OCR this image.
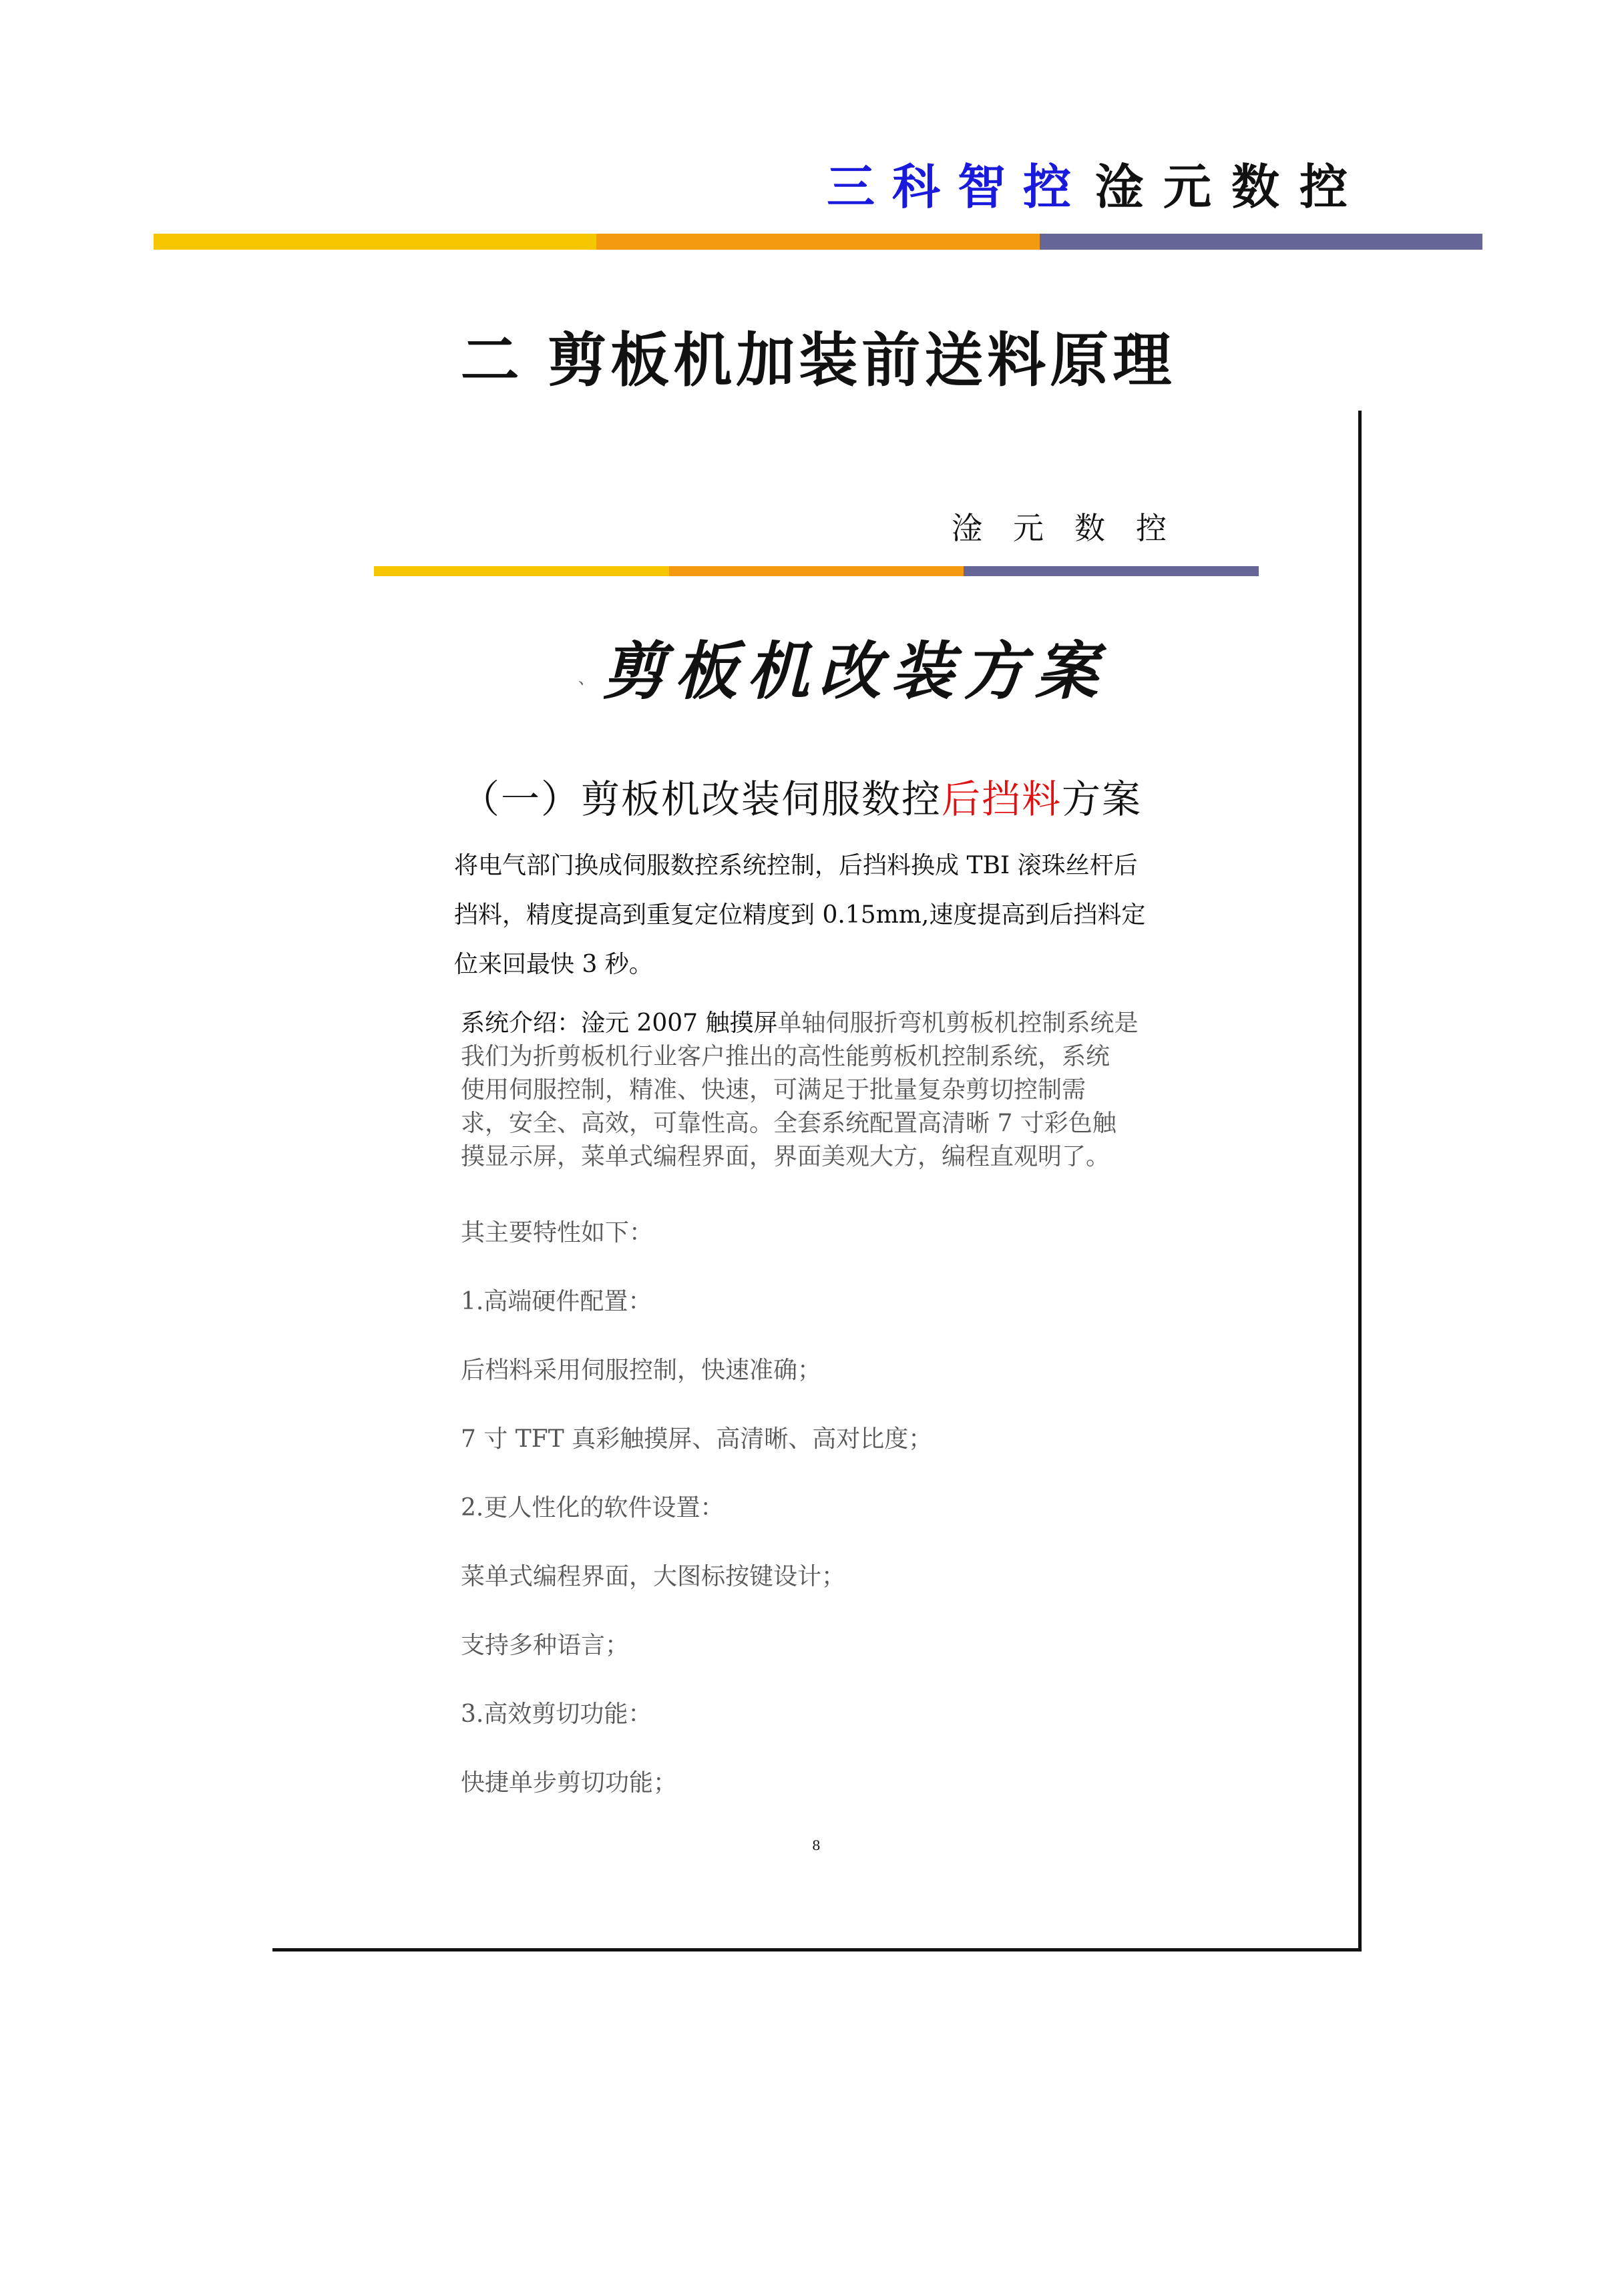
三科智控 淦元数控
二 剪板机加装前送料原理
淦元数控
剪板机改装方案
、
（一）剪板机改装伺服数控后挡料方案
将电气部门换成伺服数控系统控制，后挡料换成 TBI 滚珠丝杆后
挡料，精度提高到重复定位精度到 0.15mm,速度提高到后挡料定
位来回最快 3 秒。
系统介绍：淦元 2007 触摸屏单轴伺服折弯机剪板机控制系统是
我们为折剪板机行业客户推出的高性能剪板机控制系统，系统
使用伺服控制，精准、快速，可满足于批量复杂剪切控制需
求，安全、高效，可靠性高。全套系统配置高清晰 7 寸彩色触
摸显示屏，菜单式编程界面，界面美观大方，编程直观明了。
其主要特性如下：
1.高端硬件配置：
后档料采用伺服控制，快速准确；
7 寸 TFT 真彩触摸屏、高清晰、高对比度；
2.更人性化的软件设置：
菜单式编程界面，大图标按键设计；
支持多种语言；
3.高效剪切功能：
快捷单步剪切功能；
8
